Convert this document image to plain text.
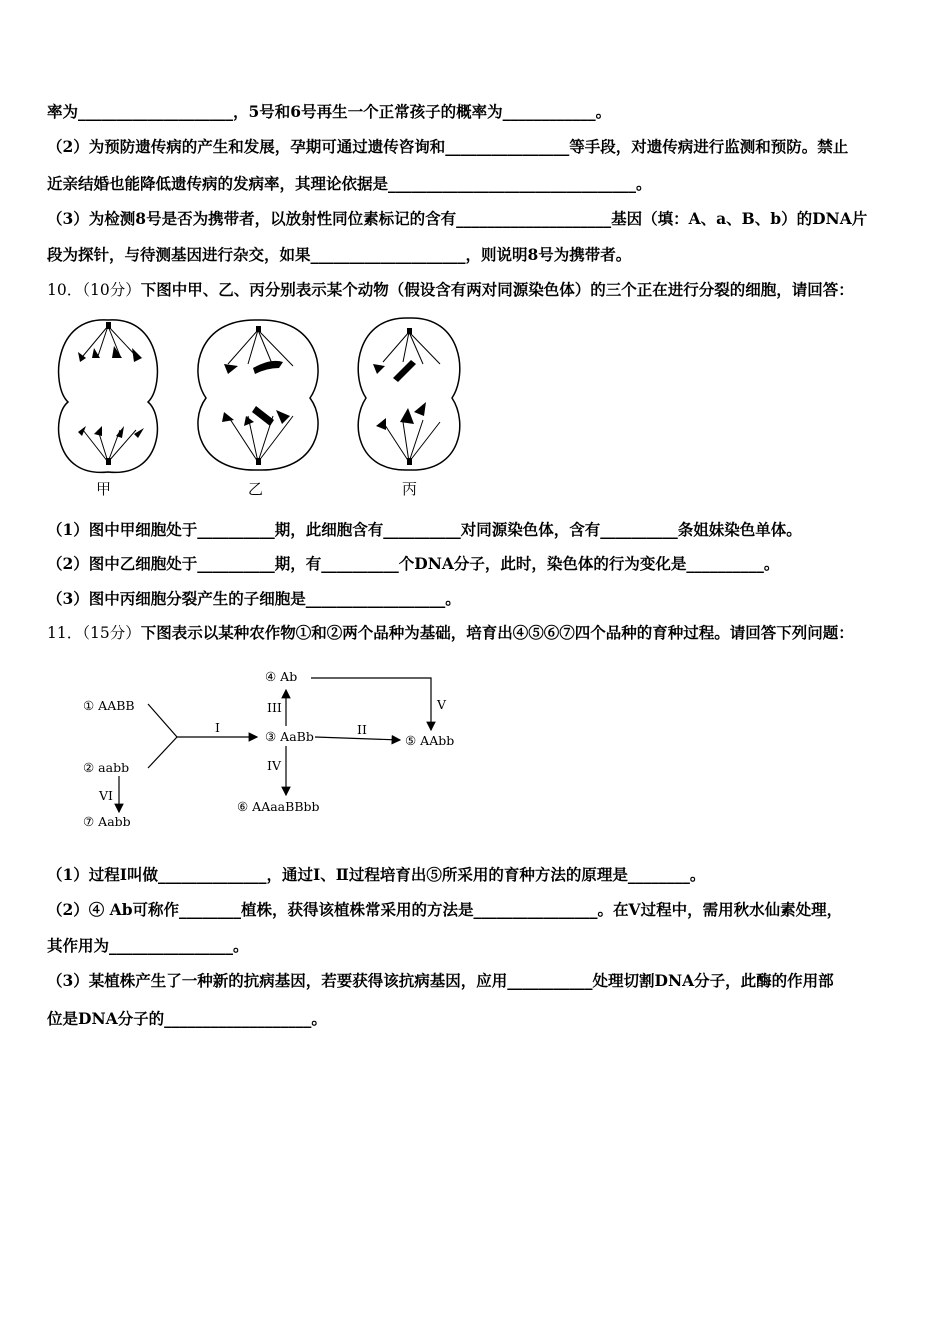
率为____________________，5号和6号再生一个正常孩子的概率为____________。
（2）为预防遗传病的产生和发展，孕期可通过遗传咨询和________________等手段，对遗传病进行监测和预防。禁止
近亲结婚也能降低遗传病的发病率，其理论依据是________________________________。
（3）为检测8号是否为携带者，以放射性同位素标记的含有____________________基因（填：A、a、B、b）的DNA片
段为探针，与待测基因进行杂交，如果____________________，则说明8号为携带者。
10．（10分）下图中甲、乙、丙分别表示某个动物（假设含有两对同源染色体）的三个正在进行分裂的细胞，请回答：
甲	乙	丙
（1）图中甲细胞处于__________期，此细胞含有__________对同源染色体，含有__________条姐妹染色单体。
（2）图中乙细胞处于__________期，有__________个DNA分子，此时，染色体的行为变化是__________。
（3）图中丙细胞分裂产生的子细胞是__________________。
11．（15分）下图表示以某种农作物①和②两个品种为基础，培育出④⑤⑥⑦四个品种的育种过程。请回答下列问题：
① AABB
② aabb
③ AaBb
④ Ab
⑤ AAbb
⑥ AAaaBBbb
⑦ Aabb
I	II
III
IV
V
VI
（1）过程I叫做______________，通过I、Ⅱ过程培育出⑤所采用的育种方法的原理是________。
（2）④ Ab可称作________植株，获得该植株常采用的方法是________________。在V过程中，需用秋水仙素处理，
其作用为________________。
（3）某植株产生了一种新的抗病基因，若要获得该抗病基因，应用___________处理切割DNA分子，此酶的作用部
位是DNA分子的___________________。
